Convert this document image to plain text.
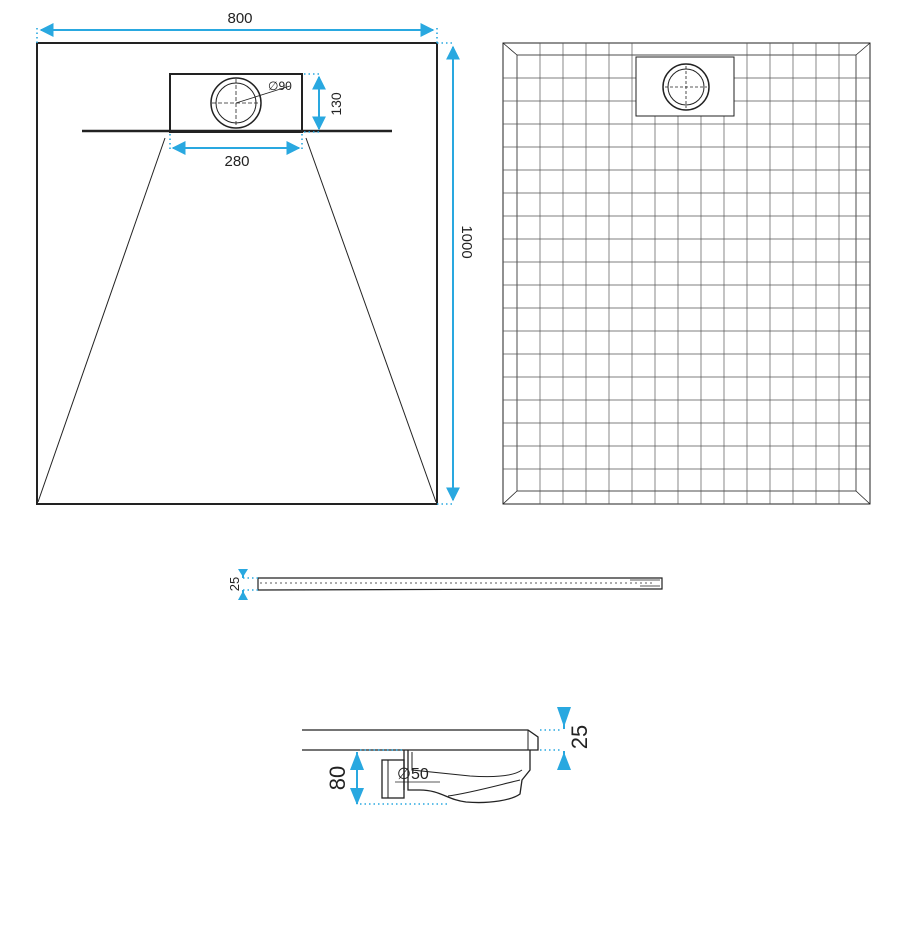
∅90
800
1000
280
130
25
∅50
25
80
